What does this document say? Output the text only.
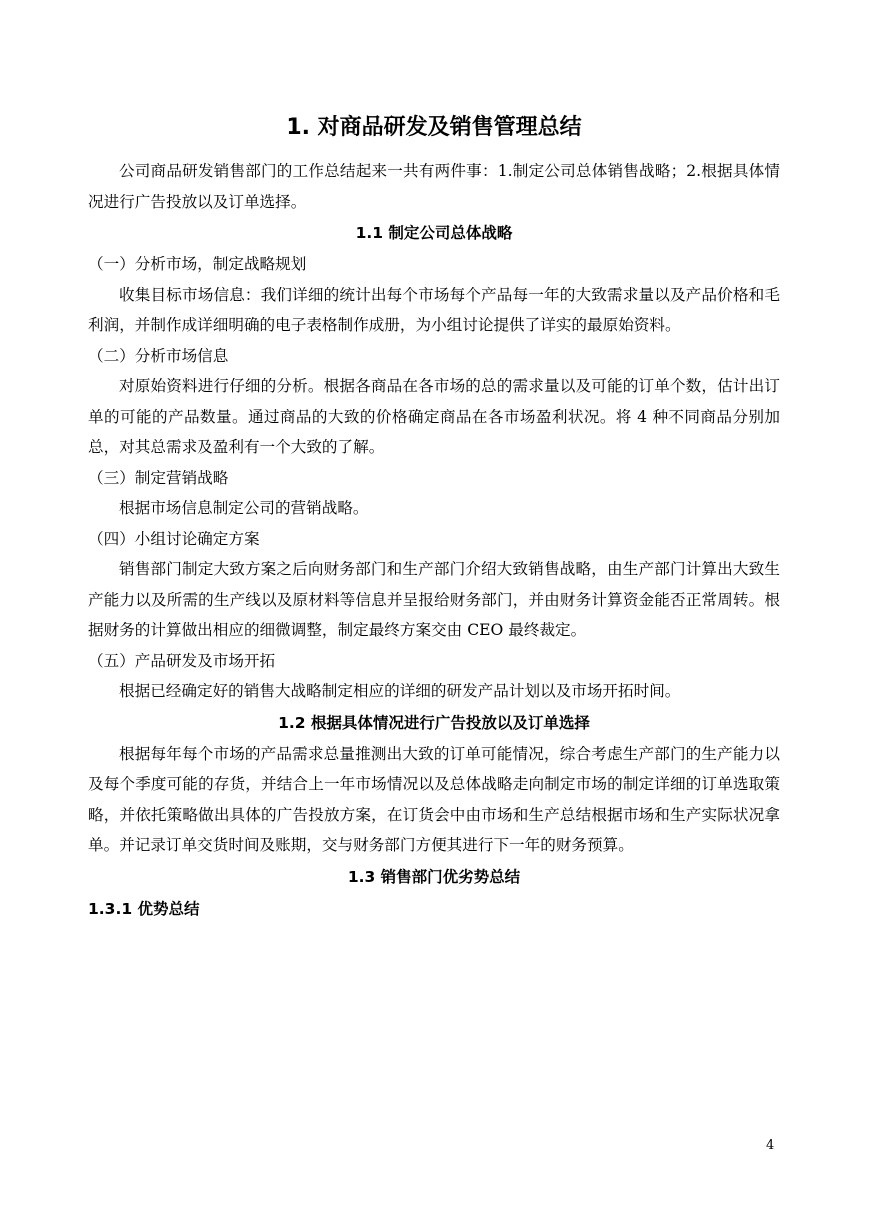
1. 对商品研发及销售管理总结

公司商品研发销售部门的工作总结起来一共有两件事：1.制定公司总体销售战略；2.根据具体情况进行广告投放以及订单选择。

1.1 制定公司总体战略

（一）分析市场，制定战略规划

收集目标市场信息：我们详细的统计出每个市场每个产品每一年的大致需求量以及产品价格和毛利润，并制作成详细明确的电子表格制作成册，为小组讨论提供了详实的最原始资料。

（二）分析市场信息

对原始资料进行仔细的分析。根据各商品在各市场的总的需求量以及可能的订单个数，估计出订单的可能的产品数量。通过商品的大致的价格确定商品在各市场盈利状况。将 4 种不同商品分别加总，对其总需求及盈利有一个大致的了解。

（三）制定营销战略

根据市场信息制定公司的营销战略。

（四）小组讨论确定方案

销售部门制定大致方案之后向财务部门和生产部门介绍大致销售战略，由生产部门计算出大致生产能力以及所需的生产线以及原材料等信息并呈报给财务部门，并由财务计算资金能否正常周转。根据财务的计算做出相应的细微调整，制定最终方案交由 CEO 最终裁定。

（五）产品研发及市场开拓

根据已经确定好的销售大战略制定相应的详细的研发产品计划以及市场开拓时间。

1.2 根据具体情况进行广告投放以及订单选择

根据每年每个市场的产品需求总量推测出大致的订单可能情况，综合考虑生产部门的生产能力以及每个季度可能的存货，并结合上一年市场情况以及总体战略走向制定市场的制定详细的订单选取策略，并依托策略做出具体的广告投放方案，在订货会中由市场和生产总结根据市场和生产实际状况拿单。并记录订单交货时间及账期，交与财务部门方便其进行下一年的财务预算。

1.3 销售部门优劣势总结
1.3.1 优势总结
4
